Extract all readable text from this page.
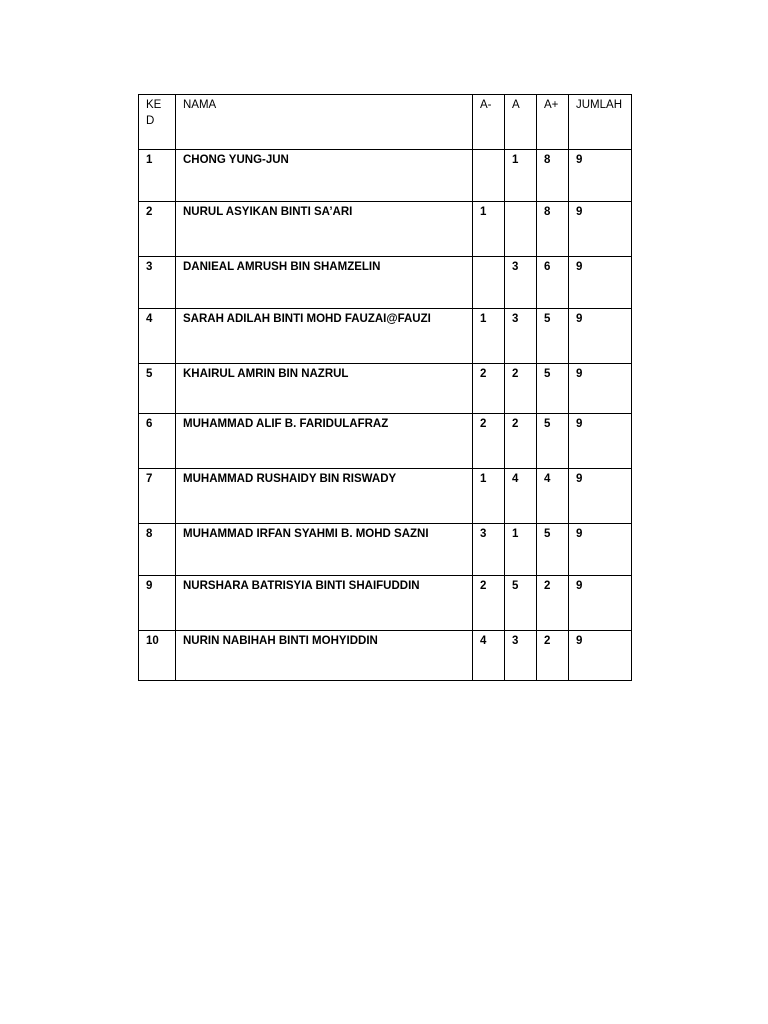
KE D	NAMA	A-	A	A+	JUMLAH
1	CHONG YUNG-JUN		1	8	9
2	NURUL ASYIKAN BINTI SA’ARI	1		8	9
3	DANIEAL AMRUSH BIN SHAMZELIN		3	6	9
4	SARAH ADILAH BINTI MOHD FAUZAI@FAUZI	1	3	5	9
5	KHAIRUL AMRIN BIN NAZRUL	2	2	5	9
6	MUHAMMAD ALIF B. FARIDULAFRAZ	2	2	5	9
7	MUHAMMAD RUSHAIDY BIN RISWADY	1	4	4	9
8	MUHAMMAD IRFAN SYAHMI B. MOHD SAZNI	3	1	5	9
9	NURSHARA BATRISYIA BINTI SHAIFUDDIN	2	5	2	9
10	NURIN NABIHAH BINTI MOHYIDDIN	4	3	2	9
